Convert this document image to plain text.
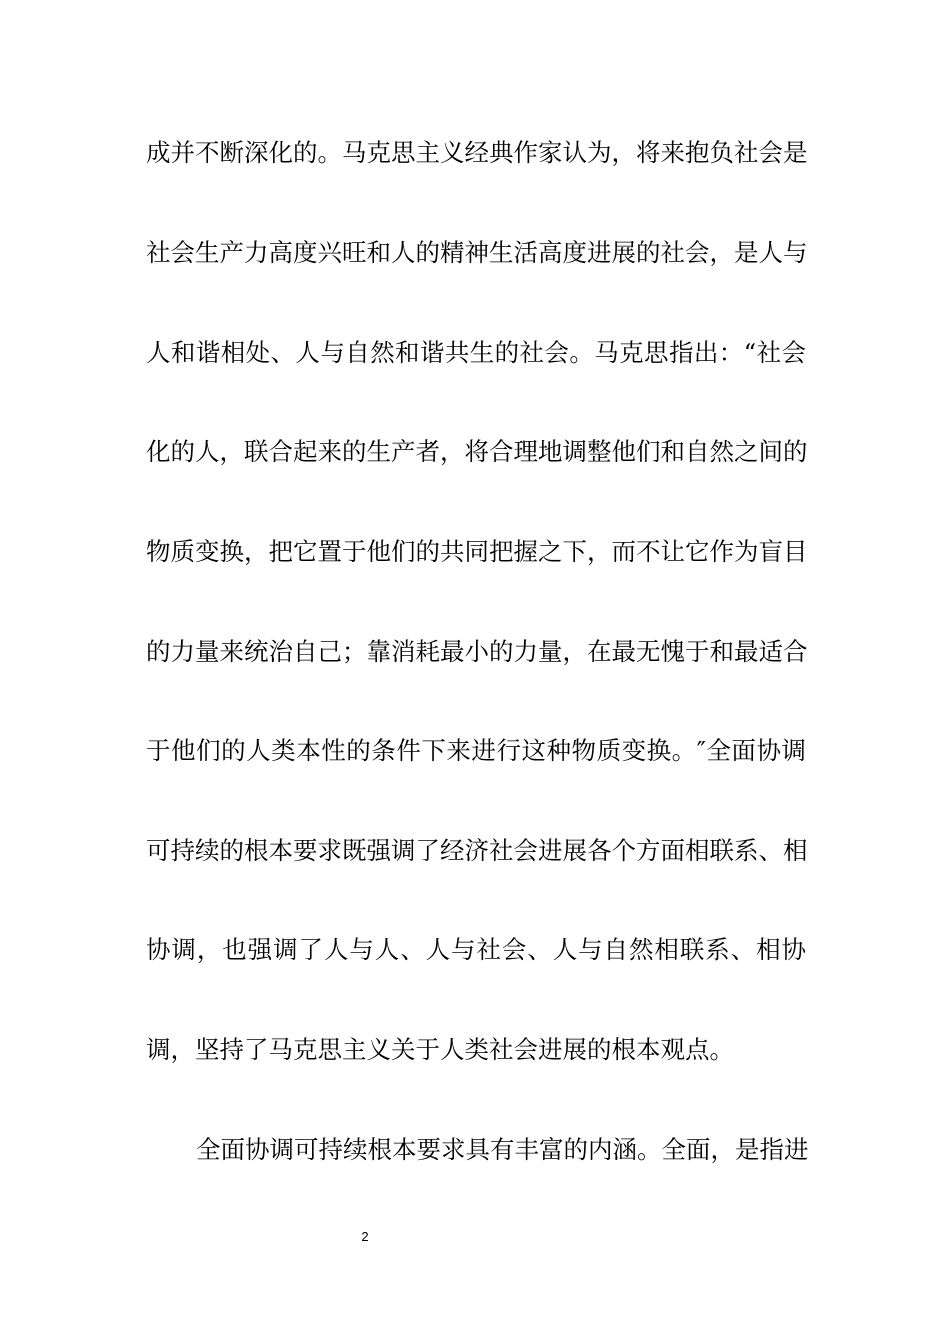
成并不断深化的。马克思主义经典作家认为，将来抱负社会是
社会生产力高度兴旺和人的精神生活高度进展的社会，是人与
人和谐相处、人与自然和谐共生的社会。马克思指出：“社会
化的人，联合起来的生产者，将合理地调整他们和自然之间的
物质变换，把它置于他们的共同把握之下，而不让它作为盲目
的力量来统治自己；靠消耗最小的力量，在最无愧于和最适合
于他们的人类本性的条件下来进行这种物质变换。″全面协调
可持续的根本要求既强调了经济社会进展各个方面相联系、相
协调，也强调了人与人、人与社会、人与自然相联系、相协
调，坚持了马克思主义关于人类社会进展的根本观点。
全面协调可持续根本要求具有丰富的内涵。全面，是指进
2
